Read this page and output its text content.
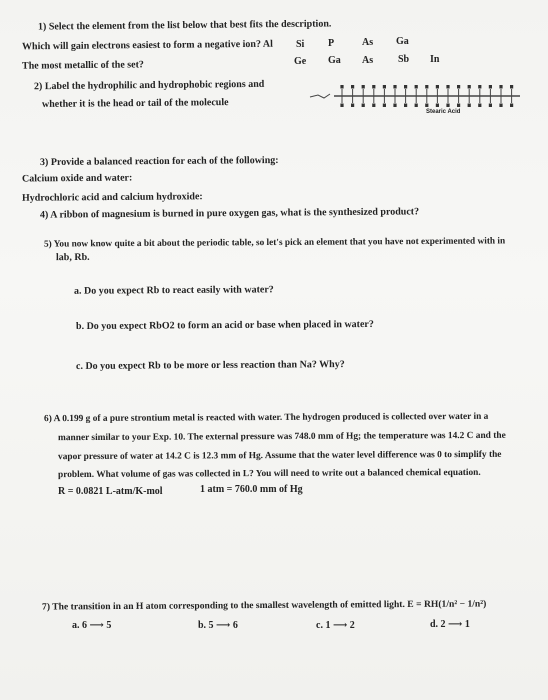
1) Select the element from the list below that best fits the description.
Which will gain electrons easiest to form a negative ion? Al
The most metallic of the set?
Si P	As Ga
Ge Ga As Sb In
2) Label the hydrophilic and hydrophobic regions and
whether it is the head or tail of the molecule
Stearic Acid
3) Provide a balanced reaction for each of the following:
Calcium oxide and water:
Hydrochloric acid and calcium hydroxide:
4) A ribbon of magnesium is burned in pure oxygen gas, what is the synthesized product?
5) You now know quite a bit about the periodic table, so let's pick an element that you have not experimented with in
lab, Rb.
a. Do you expect Rb to react easily with water?
b. Do you expect RbO2 to form an acid or base when placed in water?
c. Do you expect Rb to be more or less reaction than Na? Why?
6) A 0.199 g of a pure strontium metal is reacted with water. The hydrogen produced is collected over water in a
manner similar to your Exp. 10. The external pressure was 748.0 mm of Hg; the temperature was 14.2 C and the
vapor pressure of water at 14.2 C is 12.3 mm of Hg. Assume that the water level difference was 0 to simplify the
problem. What volume of gas was collected in L? You will need to write out a balanced chemical equation.
R = 0.0821 L-atm/K-mol	1 atm = 760.0 mm of Hg
7) The transition in an H atom corresponding to the smallest wavelength of emitted light. E = RH(1/n² − 1/n²)
a. 6 ⟶ 5	b. 5 ⟶ 6	c. 1 ⟶ 2	d. 2 ⟶ 1
